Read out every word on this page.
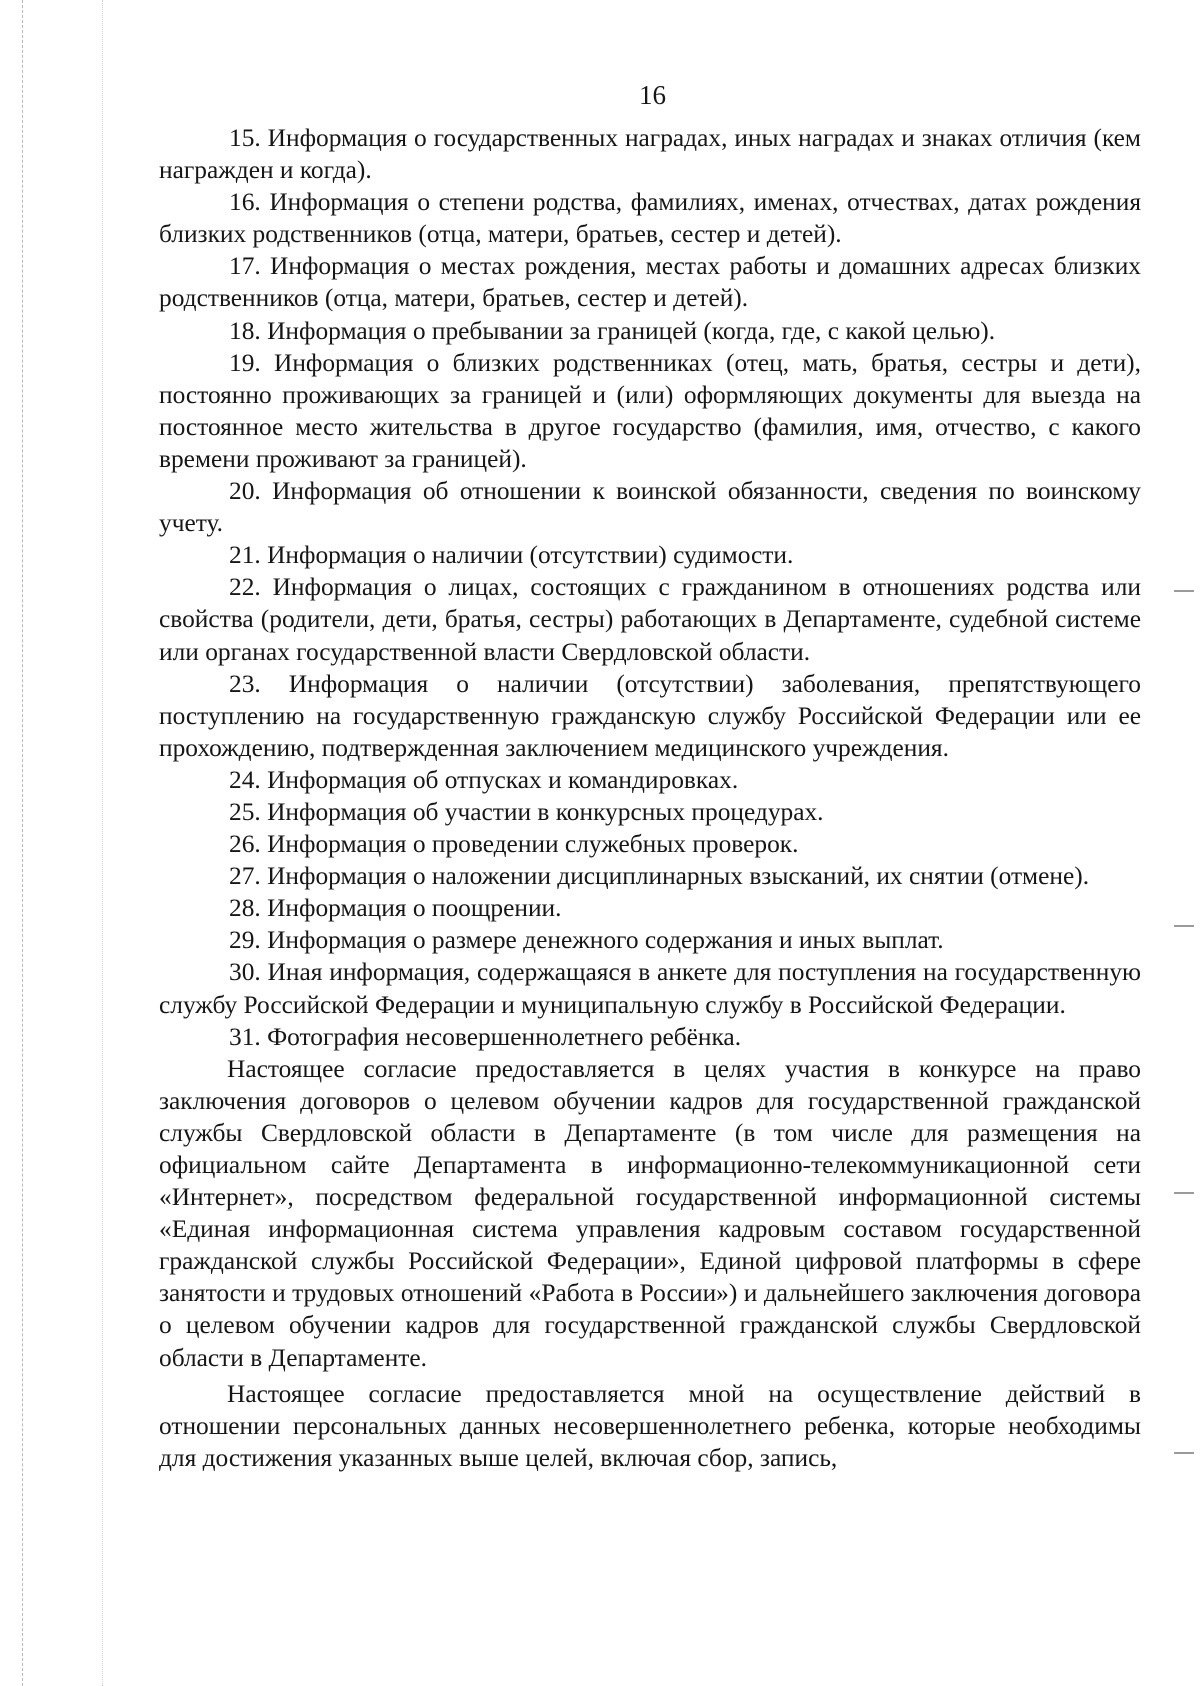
16

15. Информация о государственных наградах, иных наградах и знаках отличия (кем награжден и когда).

16. Информация о степени родства, фамилиях, именах, отчествах, датах рождения близких родственников (отца, матери, братьев, сестер и детей).

17. Информация о местах рождения, местах работы и домашних адресах близких родственников (отца, матери, братьев, сестер и детей).

18. Информация о пребывании за границей (когда, где, с какой целью).

19. Информация о близких родственниках (отец, мать, братья, сестры и дети), постоянно проживающих за границей и (или) оформляющих документы для выезда на постоянное место жительства в другое государство (фамилия, имя, отчество, с какого времени проживают за границей).

20. Информация об отношении к воинской обязанности, сведения по воинскому учету.

21. Информация о наличии (отсутствии) судимости.

22. Информация о лицах, состоящих с гражданином в отношениях родства или свойства (родители, дети, братья, сестры) работающих в Департаменте, судебной системе или органах государственной власти Свердловской области.

23. Информация о наличии (отсутствии) заболевания, препятствующего поступлению на государственную гражданскую службу Российской Федерации или ее прохождению, подтвержденная заключением медицинского учреждения.

24. Информация об отпусках и командировках.

25. Информация об участии в конкурсных процедурах.

26. Информация о проведении служебных проверок.

27. Информация о наложении дисциплинарных взысканий, их снятии (отмене).

28. Информация о поощрении.

29. Информация о размере денежного содержания и иных выплат.

30. Иная информация, содержащаяся в анкете для поступления на государственную службу Российской Федерации и муниципальную службу в Российской Федерации.

31. Фотография несовершеннолетнего ребёнка.

Настоящее согласие предоставляется в целях участия в конкурсе на право заключения договоров о целевом обучении кадров для государственной гражданской службы Свердловской области в Департаменте (в том числе для размещения на официальном сайте Департамента в информационно-телекоммуникационной сети «Интернет», посредством федеральной государственной информационной системы «Единая информационная система управления кадровым составом государственной гражданской службы Российской Федерации», Единой цифровой платформы в сфере занятости и трудовых отношений «Работа в России») и дальнейшего заключения договора о целевом обучении кадров для государственной гражданской службы Свердловской области в Департаменте.

Настоящее согласие предоставляется мной на осуществление действий в отношении персональных данных несовершеннолетнего ребенка, которые необходимы для достижения указанных выше целей, включая сбор, запись,
